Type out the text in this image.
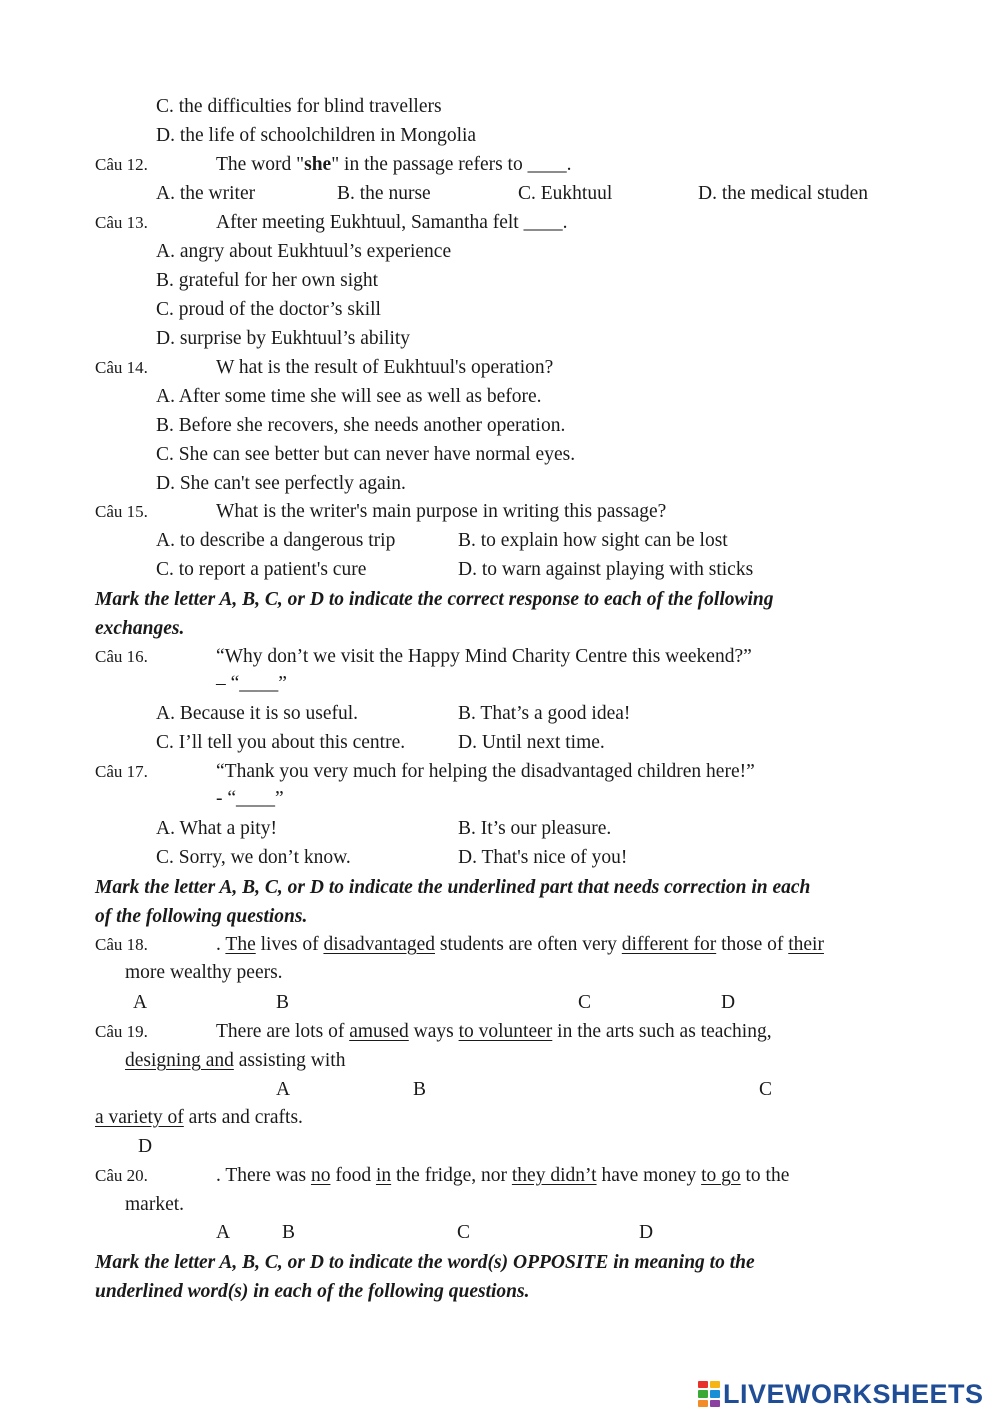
C. the difficulties for blind travellers
D. the life of schoolchildren in Mongolia
Câu 12.	The word "she" in the passage refers to ____.
A. the writer	B. the nurse	C. Eukhtuul	D. the medical studen
Câu 13.	After meeting Eukhtuul, Samantha felt ____.
A. angry about Eukhtuul’s experience
B. grateful for her own sight
C. proud of the doctor’s skill
D. surprise by Eukhtuul’s ability
Câu 14.	W hat is the result of Eukhtuul's operation?
A. After some time she will see as well as before.
B. Before she recovers, she needs another operation.
C. She can see better but can never have normal eyes.
D. She can't see perfectly again.
Câu 15.	What is the writer's main purpose in writing this passage?
A. to describe a dangerous trip	B. to explain how sight can be lost
C. to report a patient's cure	D. to warn against playing with sticks
Mark the letter A, B, C, or D to indicate the correct response to each of the following
exchanges.
Câu 16.	“Why don’t we visit the Happy Mind Charity Centre this weekend?”
– “____”
A. Because it is so useful.	B. That’s a good idea!
C. I’ll tell you about this centre.	D. Until next time.
Câu 17.	“Thank you very much for helping the disadvantaged children here!”
- “____”
A. What a pity!	B. It’s our pleasure.
C. Sorry, we don’t know.	D. That's nice of you!
Mark the letter A, B, C, or D to indicate the underlined part that needs correction in each
of the following questions.
Câu 18.	. The lives of disadvantaged students are often very different for those of their
more wealthy peers.
A	B	C	D
Câu 19.	There are lots of amused ways to volunteer in the arts such as teaching,
designing and assisting with
A	B	C
a variety of arts and crafts.
D
Câu 20.	. There was no food in the fridge, nor they didn’t have money to go to the
market.
A	B	C	D
Mark the letter A, B, C, or D to indicate the word(s) OPPOSITE in meaning to the
underlined word(s) in each of the following questions.
LIVEWORKSHEETS
